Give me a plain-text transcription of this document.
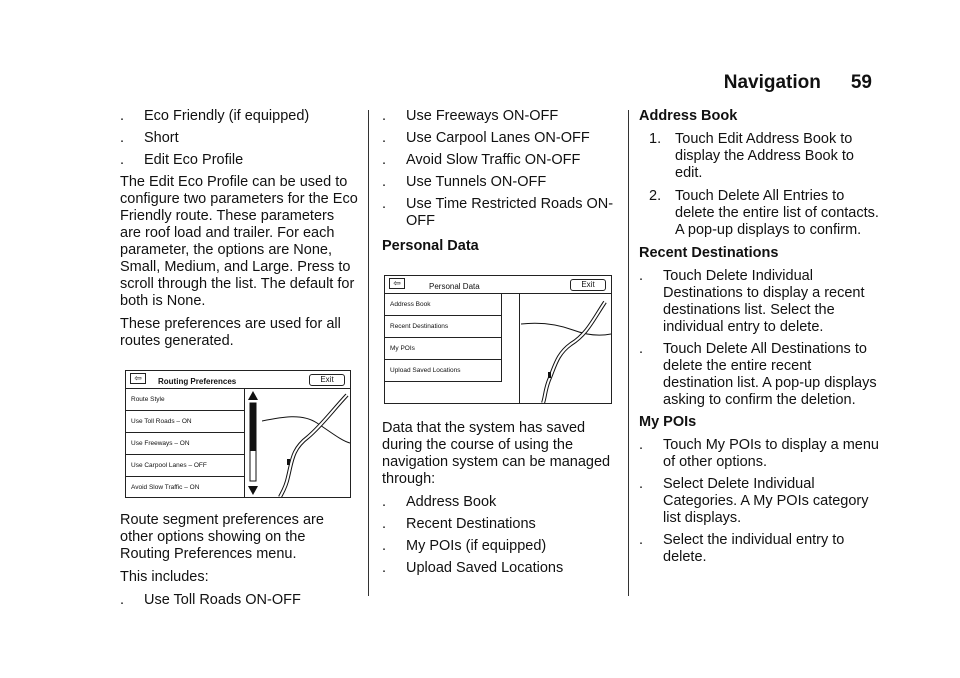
Navigation 59
. Eco Friendly (if equipped)
. Short
. Edit Eco Profile

The Edit Eco Profile can be used to configure two parameters for the Eco Friendly route. These parameters are roof load and trailer. For each parameter, the options are None, Small, Medium, and Large. Press to scroll through the list. The default for both is None.

These preferences are used for all routes generated.

⇦	Routing Preferences	Exit
Route Style
Use Toll Roads – ON
Use Freeways – ON
Use Carpool Lanes – OFF
Avoid Slow Traffic – ON

Route segment preferences are other options showing on the Routing Preferences menu.

This includes:

. Use Toll Roads ON-OFF
. Use Freeways ON-OFF
. Use Carpool Lanes ON-OFF
. Avoid Slow Traffic ON-OFF
. Use Tunnels ON-OFF
. Use Time Restricted Roads ON-OFF
Personal Data
⇦	Personal Data	Exit
Address Book
Recent Destinations
My POIs
Upload Saved Locations

Data that the system has saved during the course of using the navigation system can be managed through:

. Address Book
. Recent Destinations
. My POIs (if equipped)
. Upload Saved Locations
Address Book
1. Touch Edit Address Book to display the Address Book to edit.
2. Touch Delete All Entries to delete the entire list of contacts. A pop-up displays to confirm.
Recent Destinations
. Touch Delete Individual Destinations to display a recent destinations list. Select the individual entry to delete.
. Touch Delete All Destinations to delete the entire recent destination list. A pop-up displays asking to confirm the deletion.
My POIs
. Touch My POIs to display a menu of other options.
. Select Delete Individual Categories. A My POIs category list displays.
. Select the individual entry to delete.
